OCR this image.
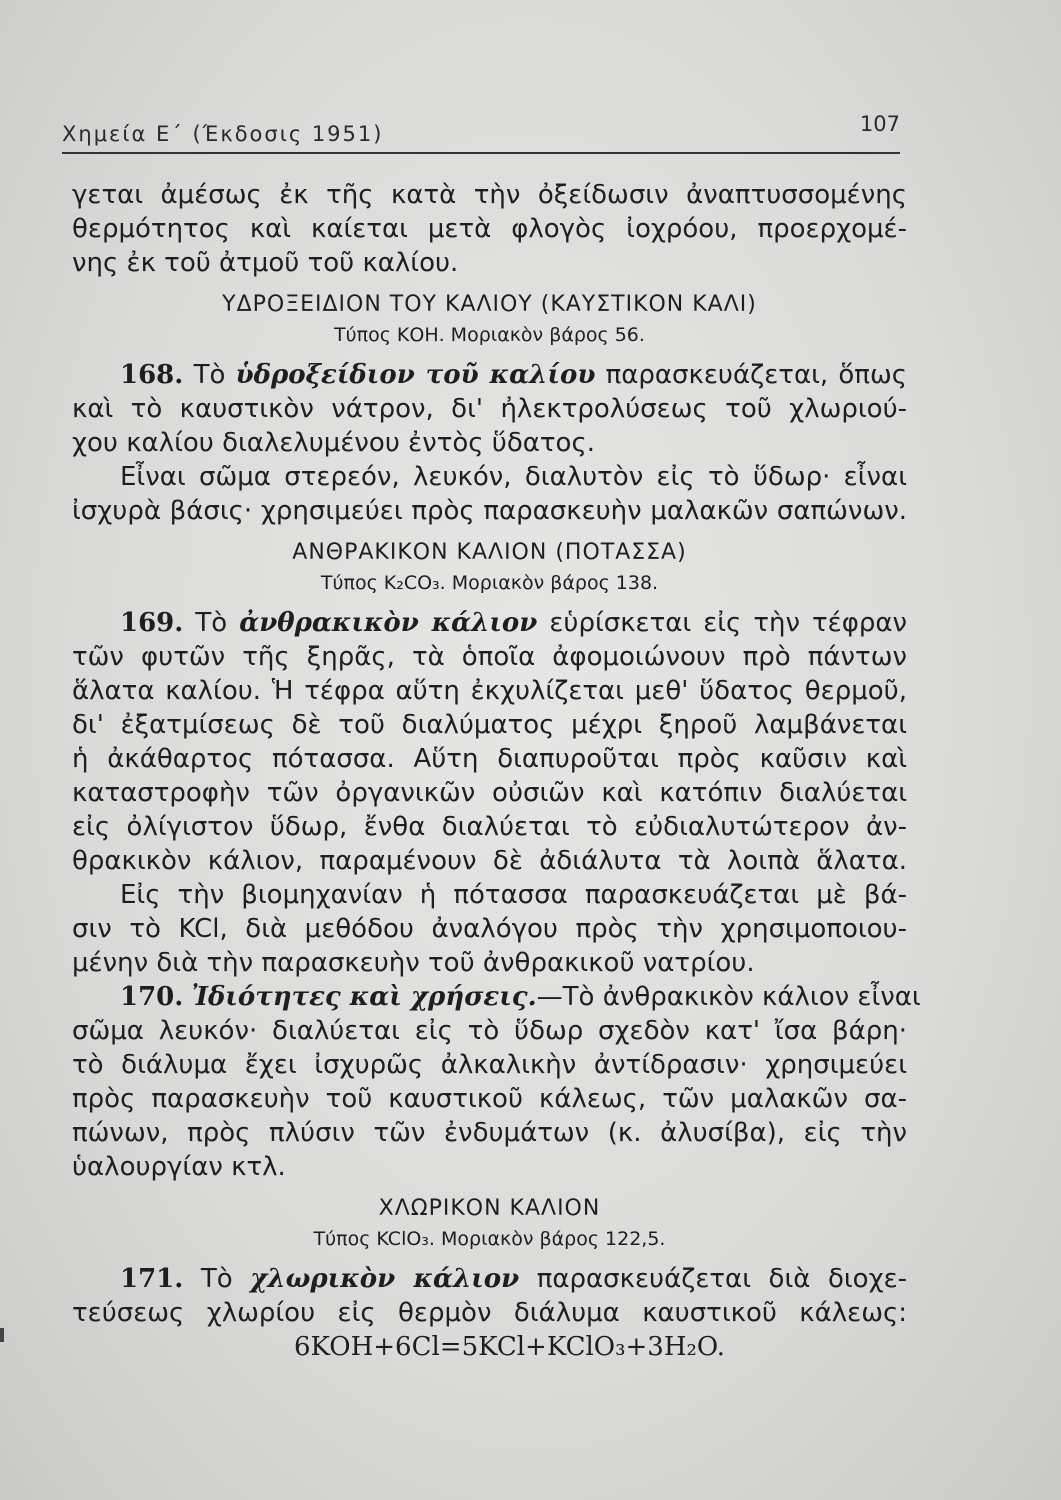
Χημεία Ε΄ (Έκδοσις 1951)	107
γεται ἀμέσως ἐκ τῆς κατὰ τὴν ὀξείδωσιν ἀναπτυσσομένης
θερμότητος καὶ καίεται μετὰ φλογὸς ἰοχρόου, προερχομέ-
νης ἐκ τοῦ ἀτμοῦ τοῦ καλίου.
ΥΔΡΟΞΕΙΔΙΟΝ ΤΟΥ ΚΑΛΙΟΥ (ΚΑΥΣΤΙΚΟΝ ΚΑΛΙ)
Τύπος ΚΟΗ. Μοριακὸν βάρος 56.
168. Τὸ ὑδροξείδιον τοῦ καλίου παρασκευάζεται, ὅπως
καὶ τὸ καυστικὸν νάτρον, δι' ἠλεκτρολύσεως τοῦ χλωριού-
χου καλίου διαλελυμένου ἐντὸς ὕδατος.
Εἶναι σῶμα στερεόν, λευκόν, διαλυτὸν εἰς τὸ ὕδωρ· εἶναι
ἰσχυρὰ βάσις· χρησιμεύει πρὸς παρασκευὴν μαλακῶν σαπώνων.
ΑΝΘΡΑΚΙΚΟΝ ΚΑΛΙΟΝ (ΠΟΤΑΣΣΑ)
Τύπος K₂CO₃. Μοριακὸν βάρος 138.
169. Τὸ ἀνθρακικὸν κάλιον εὑρίσκεται εἰς τὴν τέφραν
τῶν φυτῶν τῆς ξηρᾶς, τὰ ὁποῖα ἀφομοιώνουν πρὸ πάντων
ἅλατα καλίου. Ἡ τέφρα αὕτη ἐκχυλίζεται μεθ' ὕδατος θερμοῦ,
δι' ἐξατμίσεως δὲ τοῦ διαλύματος μέχρι ξηροῦ λαμβάνεται
ἡ ἀκάθαρτος πότασσα. Αὕτη διαπυροῦται πρὸς καῦσιν καὶ
καταστροφὴν τῶν ὀργανικῶν οὐσιῶν καὶ κατόπιν διαλύεται
εἰς ὀλίγιστον ὕδωρ, ἔνθα διαλύεται τὸ εὐδιαλυτώτερον ἀν-
θρακικὸν κάλιον, παραμένουν δὲ ἀδιάλυτα τὰ λοιπὰ ἅλατα.
Εἰς τὴν βιομηχανίαν ἡ πότασσα παρασκευάζεται μὲ βά-
σιν τὸ KCl, διὰ μεθόδου ἀναλόγου πρὸς τὴν χρησιμοποιου-
μένην διὰ τὴν παρασκευὴν τοῦ ἀνθρακικοῦ νατρίου.
170. Ἰδιότητες καὶ χρήσεις.—Τὸ ἀνθρακικὸν κάλιον εἶναι
σῶμα λευκόν· διαλύεται εἰς τὸ ὕδωρ σχεδὸν κατ' ἴσα βάρη·
τὸ διάλυμα ἔχει ἰσχυρῶς ἀλκαλικὴν ἀντίδρασιν· χρησιμεύει
πρὸς παρασκευὴν τοῦ καυστικοῦ κάλεως, τῶν μαλακῶν σα-
πώνων, πρὸς πλύσιν τῶν ἐνδυμάτων (κ. ἀλυσίβα), εἰς τὴν
ὑαλουργίαν κτλ.
ΧΛΩΡΙΚΟΝ ΚΑΛΙΟΝ
Τύπος KClO₃. Μοριακὸν βάρος 122,5.
171. Τὸ χλωρικὸν κάλιον παρασκευάζεται διὰ διοχε-
τεύσεως χλωρίου εἰς θερμὸν διάλυμα καυστικοῦ κάλεως:
6KOH+6Cl=5KCl+KClO₃+3H₂O.
